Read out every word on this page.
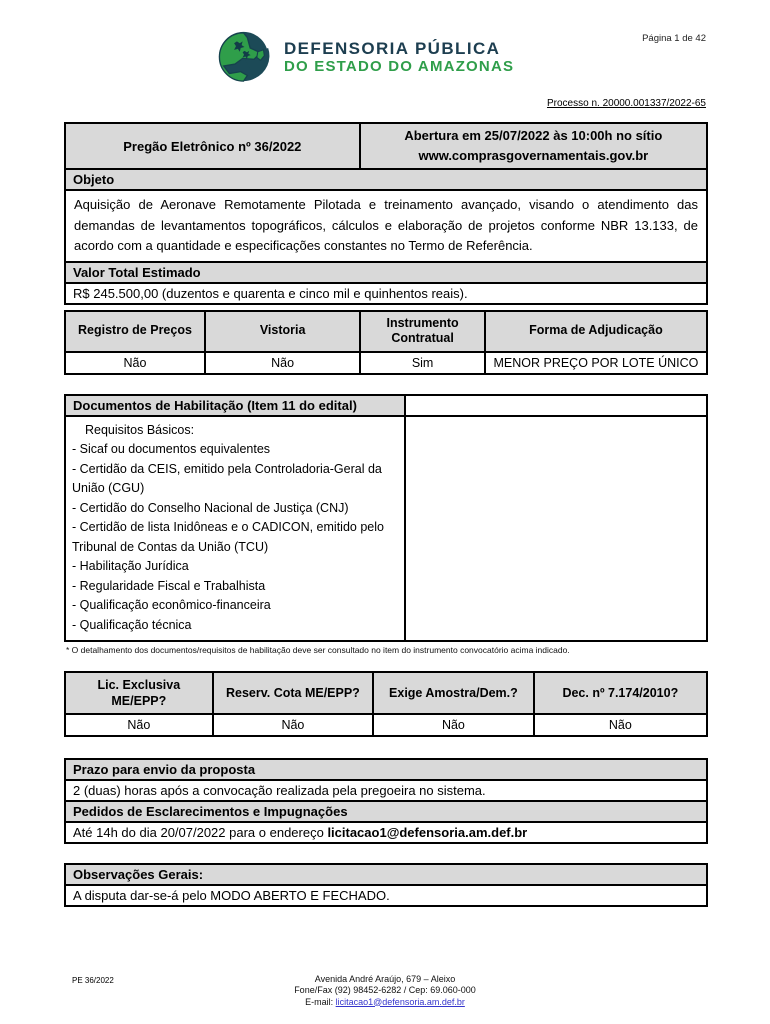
Página 1 de 42
DEFENSORIA PÚBLICA
DO ESTADO DO AMAZONAS
Processo n. 20000.001337/2022-65
Pregão Eletrônico nº 36/2022	
Abertura em 25/07/2022 às 10:00h no sítio
www.comprasgovernamentais.gov.br

Objeto
Aquisição de Aeronave Remotamente Pilotada e treinamento avançado, visando o atendimento das demandas de levantamentos topográficos, cálculos e elaboração de projetos conforme NBR 13.133, de acordo com a quantidade e especificações constantes no Termo de Referência.
Valor Total Estimado
R$ 245.500,00 (duzentos e quarenta e cinco mil e quinhentos reais).
Registro de Preços	Vistoria	Instrumento Contratual	Forma de Adjudicação
Não	Não	Sim	MENOR PREÇO POR LOTE ÚNICO
Documentos de Habilitação (Item 11 do edital)	

Requisitos Básicos:
- Sicaf ou documentos equivalentes
- Certidão da CEIS, emitido pela Controladoria-Geral da União (CGU)
- Certidão do Conselho Nacional de Justiça (CNJ)
- Certidão de lista Inidôneas e o CADICON, emitido pelo Tribunal de Contas da União (TCU)
- Habilitação Jurídica
- Regularidade Fiscal e Trabalhista
- Qualificação econômico-financeira
- Qualificação técnica

* O detalhamento dos documentos/requisitos de habilitação deve ser consultado no item do instrumento convocatório acima indicado.
Lic. Exclusiva ME/EPP?	Reserv. Cota ME/EPP?	Exige Amostra/Dem.?	Dec. nº 7.174/2010?
Não	Não	Não	Não
Prazo para envio da proposta
2 (duas) horas após a convocação realizada pela pregoeira no sistema.
Pedidos de Esclarecimentos e Impugnações
Até 14h do dia 20/07/2022 para o endereço licitacao1@defensoria.am.def.br
Observações Gerais:
A disputa dar-se-á pelo MODO ABERTO E FECHADO.
PE 36/2022	Avenida André Araújo, 679 – Aleixo
Fone/Fax (92) 98452-6282 / Cep: 69.060-000
E-mail: licitacao1@defensoria.am.def.br
